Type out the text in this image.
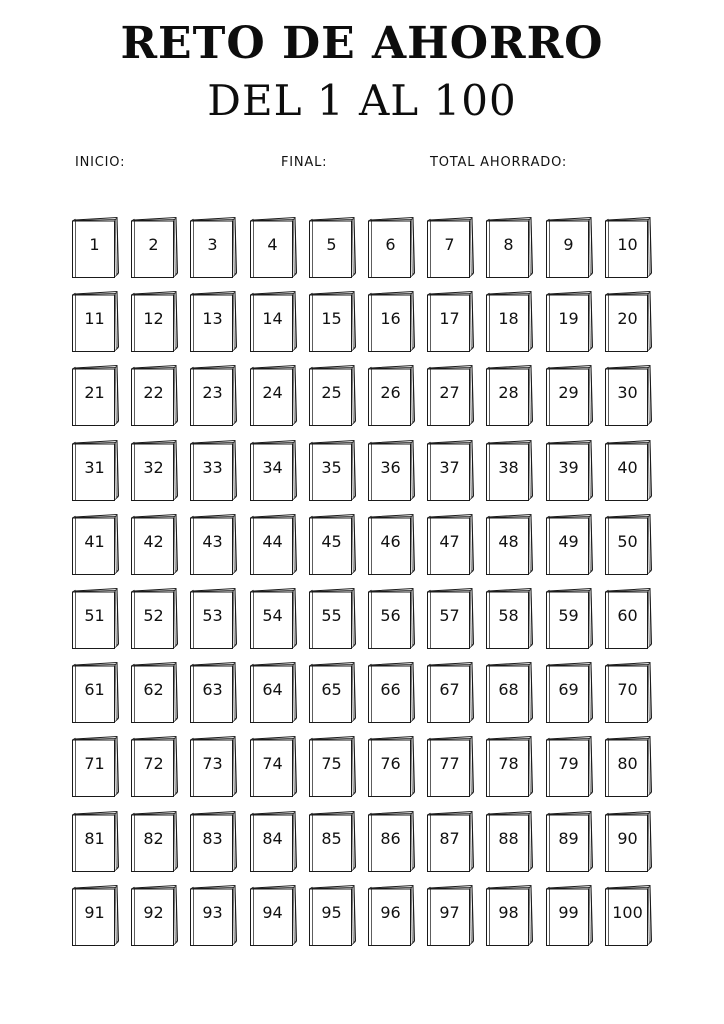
RETO DE AHORRO
DEL 1 AL 100
INICIO:	FINAL:	TOTAL AHORRADO:
1	2	3	4	5	6	7	8	9	10
11	12	13	14	15	16	17	18	19	20
21	22	23	24	25	26	27	28	29	30
31	32	33	34	35	36	37	38	39	40
41	42	43	44	45	46	47	48	49	50
51	52	53	54	55	56	57	58	59	60
61	62	63	64	65	66	67	68	69	70
71	72	73	74	75	76	77	78	79	80
81	82	83	84	85	86	87	88	89	90
91	92	93	94	95	96	97	98	99	100
